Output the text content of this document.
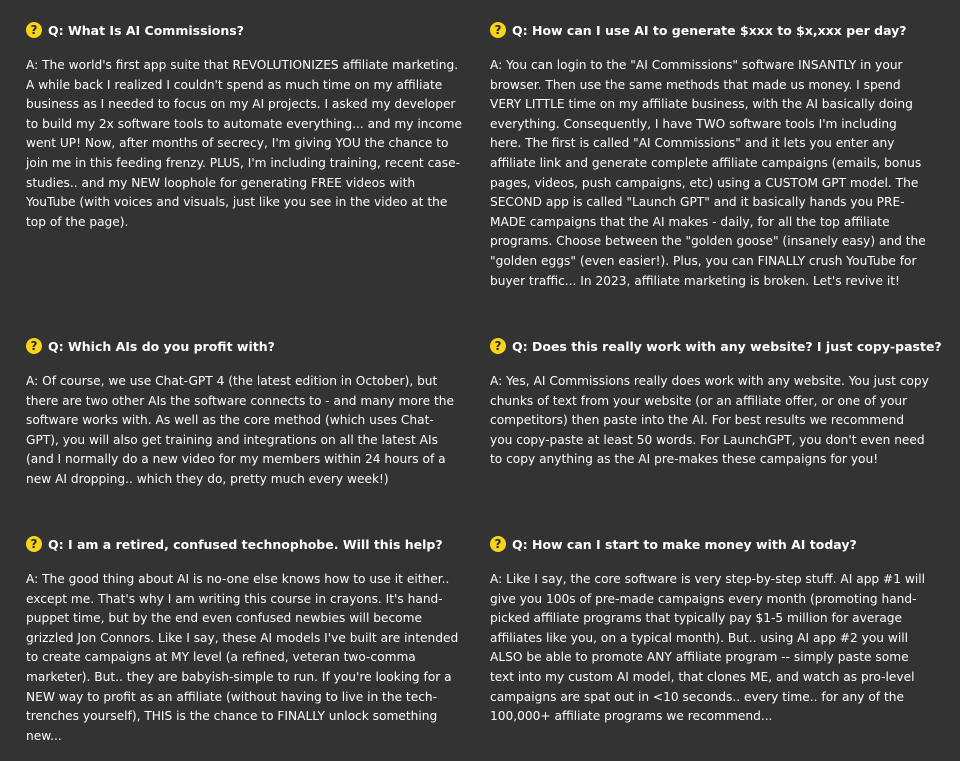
? Q: What Is AI Commissions?

A: The world's first app suite that REVOLUTIONIZES affiliate marketing. A while back I realized I couldn't spend as much time on my affiliate business as I needed to focus on my AI projects. I asked my developer to build my 2x software tools to automate everything... and my income went UP! Now, after months of secrecy, I'm giving YOU the chance to join me in this feeding frenzy. PLUS, I'm including training, recent case-studies.. and my NEW loophole for generating FREE videos with YouTube (with voices and visuals, just like you see in the video at the top of the page).

? Q: How can I use AI to generate $xxx to $x,xxx per day?

A: You can login to the "AI Commissions" software INSANTLY in your browser. Then use the same methods that made us money. I spend VERY LITTLE time on my affiliate business, with the AI basically doing everything. Consequently, I have TWO software tools I'm including here. The first is called "AI Commissions" and it lets you enter any affiliate link and generate complete affiliate campaigns (emails, bonus pages, videos, push campaigns, etc) using a CUSTOM GPT model. The SECOND app is called "Launch GPT" and it basically hands you PRE-MADE campaigns that the AI makes - daily, for all the top affiliate programs. Choose between the "golden goose" (insanely easy) and the "golden eggs" (even easier!). Plus, you can FINALLY crush YouTube for buyer traffic... In 2023, affiliate marketing is broken. Let's revive it!

? Q: Which AIs do you profit with?

A: Of course, we use Chat-GPT 4 (the latest edition in October), but there are two other AIs the software connects to - and many more the software works with. As well as the core method (which uses Chat-GPT), you will also get training and integrations on all the latest AIs (and I normally do a new video for my members within 24 hours of a new AI dropping.. which they do, pretty much every week!)

? Q: Does this really work with any website? I just copy-paste?

A: Yes, AI Commissions really does work with any website. You just copy chunks of text from your website (or an affiliate offer, or one of your competitors) then paste into the AI. For best results we recommend you copy-paste at least 50 words. For LaunchGPT, you don't even need to copy anything as the AI pre-makes these campaigns for you!

? Q: I am a retired, confused technophobe. Will this help?

A: The good thing about AI is no-one else knows how to use it either.. except me. That's why I am writing this course in crayons. It's hand-puppet time, but by the end even confused newbies will become grizzled Jon Connors. Like I say, these AI models I've built are intended to create campaigns at MY level (a refined, veteran two-comma marketer). But.. they are babyish-simple to run. If you're looking for a NEW way to profit as an affiliate (without having to live in the tech-trenches yourself), THIS is the chance to FINALLY unlock something new...

? Q: How can I start to make money with AI today?

A: Like I say, the core software is very step-by-step stuff. AI app #1 will give you 100s of pre-made campaigns every month (promoting hand-picked affiliate programs that typically pay $1-5 million for average affiliates like you, on a typical month). But.. using AI app #2 you will ALSO be able to promote ANY affiliate program -- simply paste some text into my custom AI model, that clones ME, and watch as pro-level campaigns are spat out in <10 seconds.. every time.. for any of the 100,000+ affiliate programs we recommend...
